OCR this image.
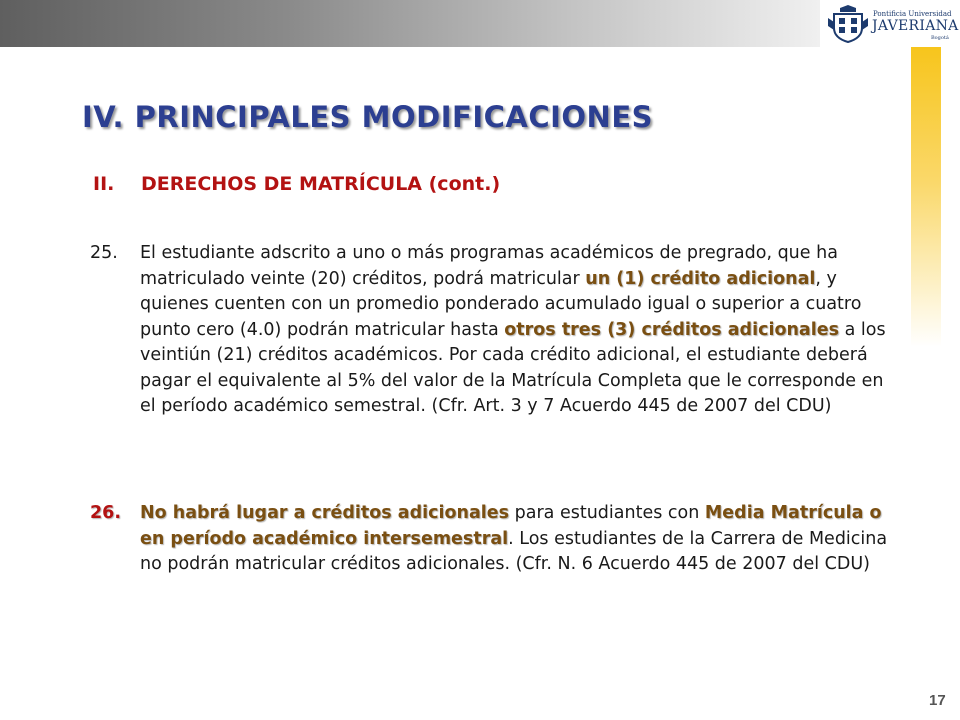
Pontificia Universidad
JAVERIANA
Bogotá
IV. PRINCIPALES MODIFICACIONES
II. DERECHOS DE MATRÍCULA (cont.)
25. El estudiante adscrito a uno o más programas académicos de pregrado, que ha matriculado veinte (20) créditos, podrá matricular un (1) crédito adicional, y quienes cuenten con un promedio ponderado acumulado igual o superior a cuatro punto cero (4.0) podrán matricular hasta otros tres (3) créditos adicionales a los veintiún (21) créditos académicos. Por cada crédito adicional, el estudiante deberá pagar el equivalente al 5% del valor de la Matrícula Completa que le corresponde en el período académico semestral. (Cfr. Art. 3 y 7 Acuerdo 445 de 2007 del CDU)
26. No habrá lugar a créditos adicionales para estudiantes con Media Matrícula o en período académico intersemestral. Los estudiantes de la Carrera de Medicina no podrán matricular créditos adicionales. (Cfr. N. 6 Acuerdo 445 de 2007 del CDU)
17
